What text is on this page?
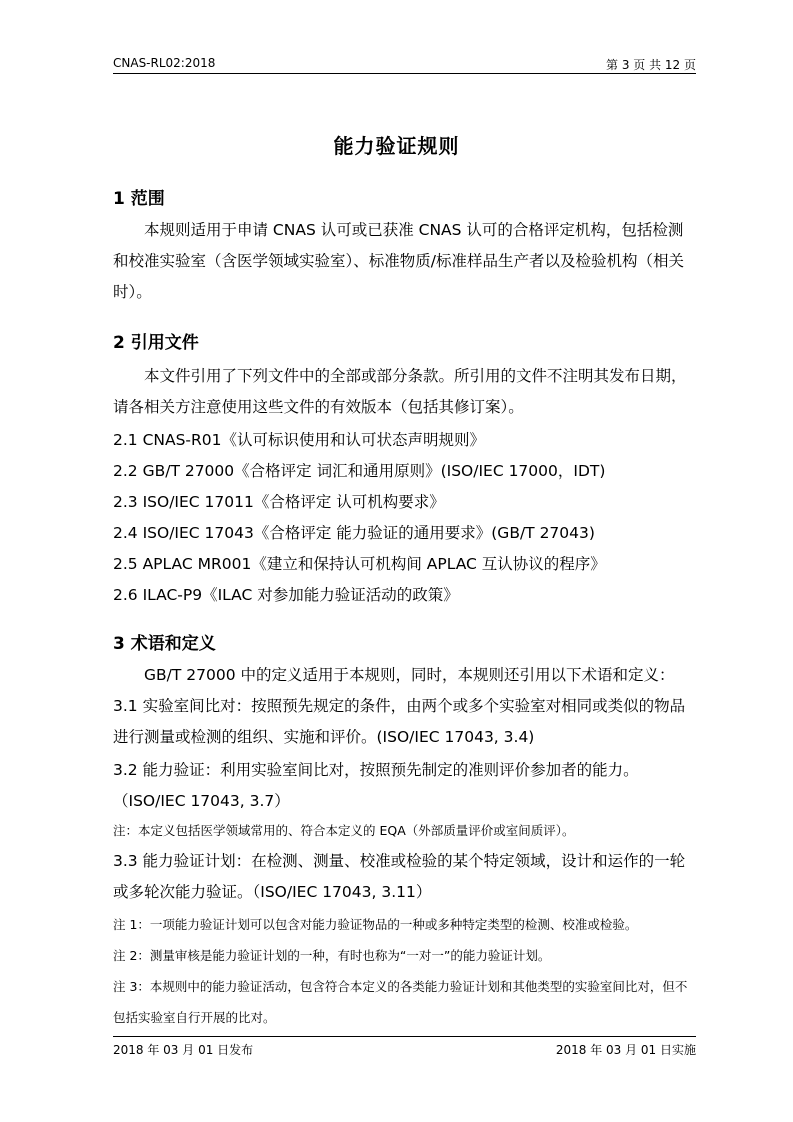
CNAS-RL02:2018	第 3 页 共 12 页
能力验证规则
1 范围
本规则适用于申请 CNAS 认可或已获准 CNAS 认可的合格评定机构，包括检测和校准实验室（含医学领域实验室）、标准物质/标准样品生产者以及检验机构（相关时）。
2 引用文件
本文件引用了下列文件中的全部或部分条款。所引用的文件不注明其发布日期，请各相关方注意使用这些文件的有效版本（包括其修订案）。
2.1 CNAS-R01《认可标识使用和认可状态声明规则》
2.2 GB/T 27000《合格评定 词汇和通用原则》(ISO/IEC 17000，IDT)
2.3 ISO/IEC 17011《合格评定 认可机构要求》
2.4 ISO/IEC 17043《合格评定 能力验证的通用要求》(GB/T 27043)
2.5 APLAC MR001《建立和保持认可机构间 APLAC 互认协议的程序》
2.6 ILAC-P9《ILAC 对参加能力验证活动的政策》
3 术语和定义
GB/T 27000 中的定义适用于本规则，同时，本规则还引用以下术语和定义：
3.1 实验室间比对：按照预先规定的条件，由两个或多个实验室对相同或类似的物品进行测量或检测的组织、实施和评价。(ISO/IEC 17043, 3.4)
3.2 能力验证：利用实验室间比对，按照预先制定的准则评价参加者的能力。（ISO/IEC 17043, 3.7）
注：本定义包括医学领域常用的、符合本定义的 EQA（外部质量评价或室间质评）。
3.3 能力验证计划：在检测、测量、校准或检验的某个特定领域，设计和运作的一轮或多轮次能力验证。（ISO/IEC 17043, 3.11）
注 1：一项能力验证计划可以包含对能力验证物品的一种或多种特定类型的检测、校准或检验。
注 2：测量审核是能力验证计划的一种，有时也称为“一对一”的能力验证计划。
注 3：本规则中的能力验证活动，包含符合本定义的各类能力验证计划和其他类型的实验室间比对，但不包括实验室自行开展的比对。
2018 年 03 月 01 日发布	2018 年 03 月 01 日实施
